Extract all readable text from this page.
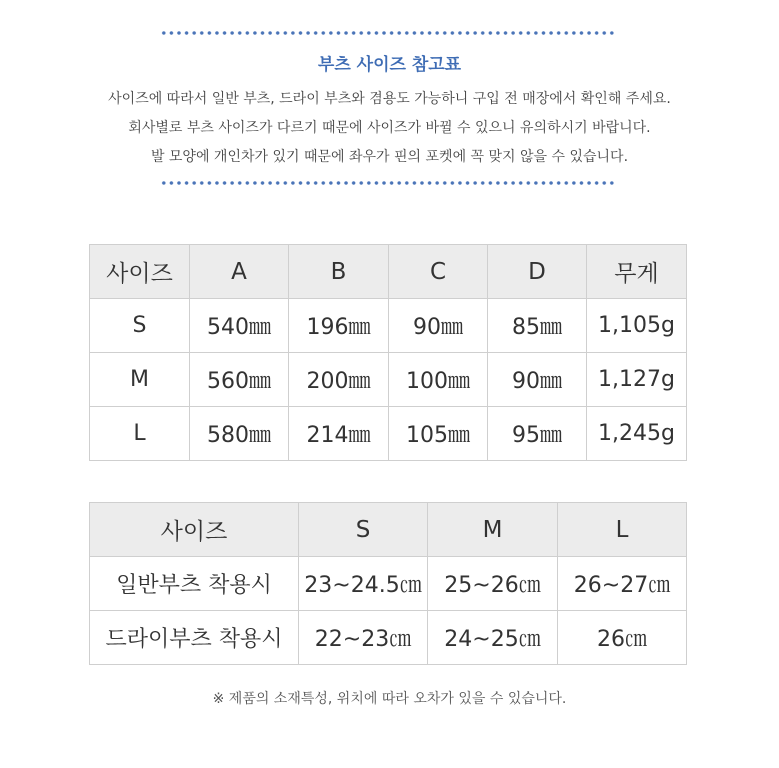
부츠 사이즈 참고표
사이즈에 따라서 일반 부츠, 드라이 부츠와 겸용도 가능하니 구입 전 매장에서 확인해 주세요.
회사별로 부츠 사이즈가 다르기 때문에 사이즈가 바뀔 수 있으니 유의하시기 바랍니다.
발 모양에 개인차가 있기 때문에 좌우가 핀의 포켓에 꼭 맞지 않을 수 있습니다.
사이즈	A	B	C	D	무게
S	540㎜	196㎜	90㎜	85㎜	1,105g
M	560㎜	200㎜	100㎜	90㎜	1,127g
L	580㎜	214㎜	105㎜	95㎜	1,245g
사이즈	S	M	L
일반부츠 착용시	23~24.5㎝	25~26㎝	26~27㎝
드라이부츠 착용시	22~23㎝	24~25㎝	26㎝
※ 제품의 소재특성, 위치에 따라 오차가 있을 수 있습니다.
